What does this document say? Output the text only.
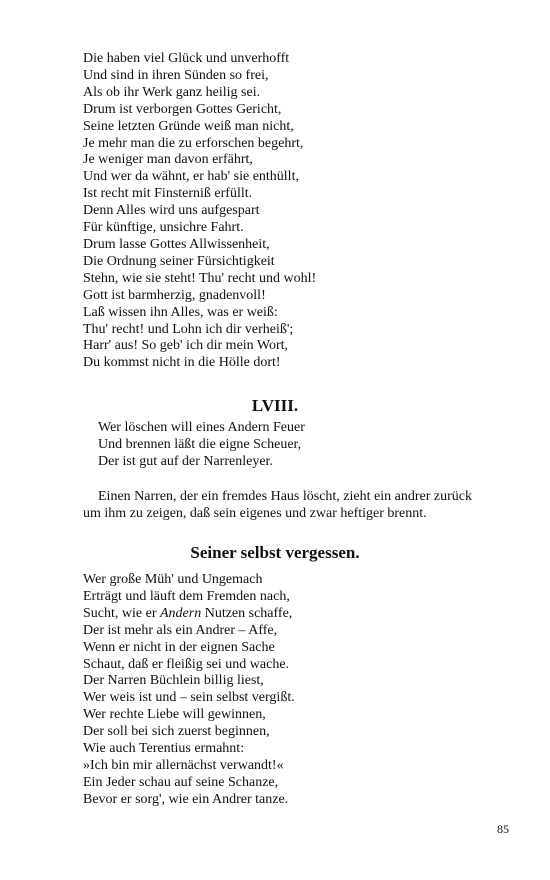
Die haben viel Glück und unverhofft
Und sind in ihren Sünden so frei,
Als ob ihr Werk ganz heilig sei.
Drum ist verborgen Gottes Gericht,
Seine letzten Gründe weiß man nicht,
Je mehr man die zu erforschen begehrt,
Je weniger man davon erfährt,
Und wer da wähnt, er hab' sie enthüllt,
Ist recht mit Finsterniß erfüllt.
Denn Alles wird uns aufgespart
Für künftige, unsichre Fahrt.
Drum lasse Gottes Allwissenheit,
Die Ordnung seiner Fürsichtigkeit
Stehn, wie sie steht! Thu' recht und wohl!
Gott ist barmherzig, gnadenvoll!
Laß wissen ihn Alles, was er weiß:
Thu' recht! und Lohn ich dir verheiß';
Harr' aus! So geb' ich dir mein Wort,
Du kommst nicht in die Hölle dort!
LVIII.
Wer löschen will eines Andern Feuer
Und brennen läßt die eigne Scheuer,
Der ist gut auf der Narrenleyer.

Einen Narren, der ein fremdes Haus löscht, zieht ein andrer zurück
um ihm zu zeigen, daß sein eigenes und zwar heftiger brennt.

Seiner selbst vergessen.
Wer große Müh' und Ungemach
Erträgt und läuft dem Fremden nach,
Sucht, wie er Andern Nutzen schaffe,
Der ist mehr als ein Andrer – Affe,
Wenn er nicht in der eignen Sache
Schaut, daß er fleißig sei und wache.
Der Narren Büchlein billig liest,
Wer weis ist und – sein selbst vergißt.
Wer rechte Liebe will gewinnen,
Der soll bei sich zuerst beginnen,
Wie auch Terentius ermahnt:
»Ich bin mir allernächst verwandt!«
Ein Jeder schau auf seine Schanze,
Bevor er sorg', wie ein Andrer tanze.

85
